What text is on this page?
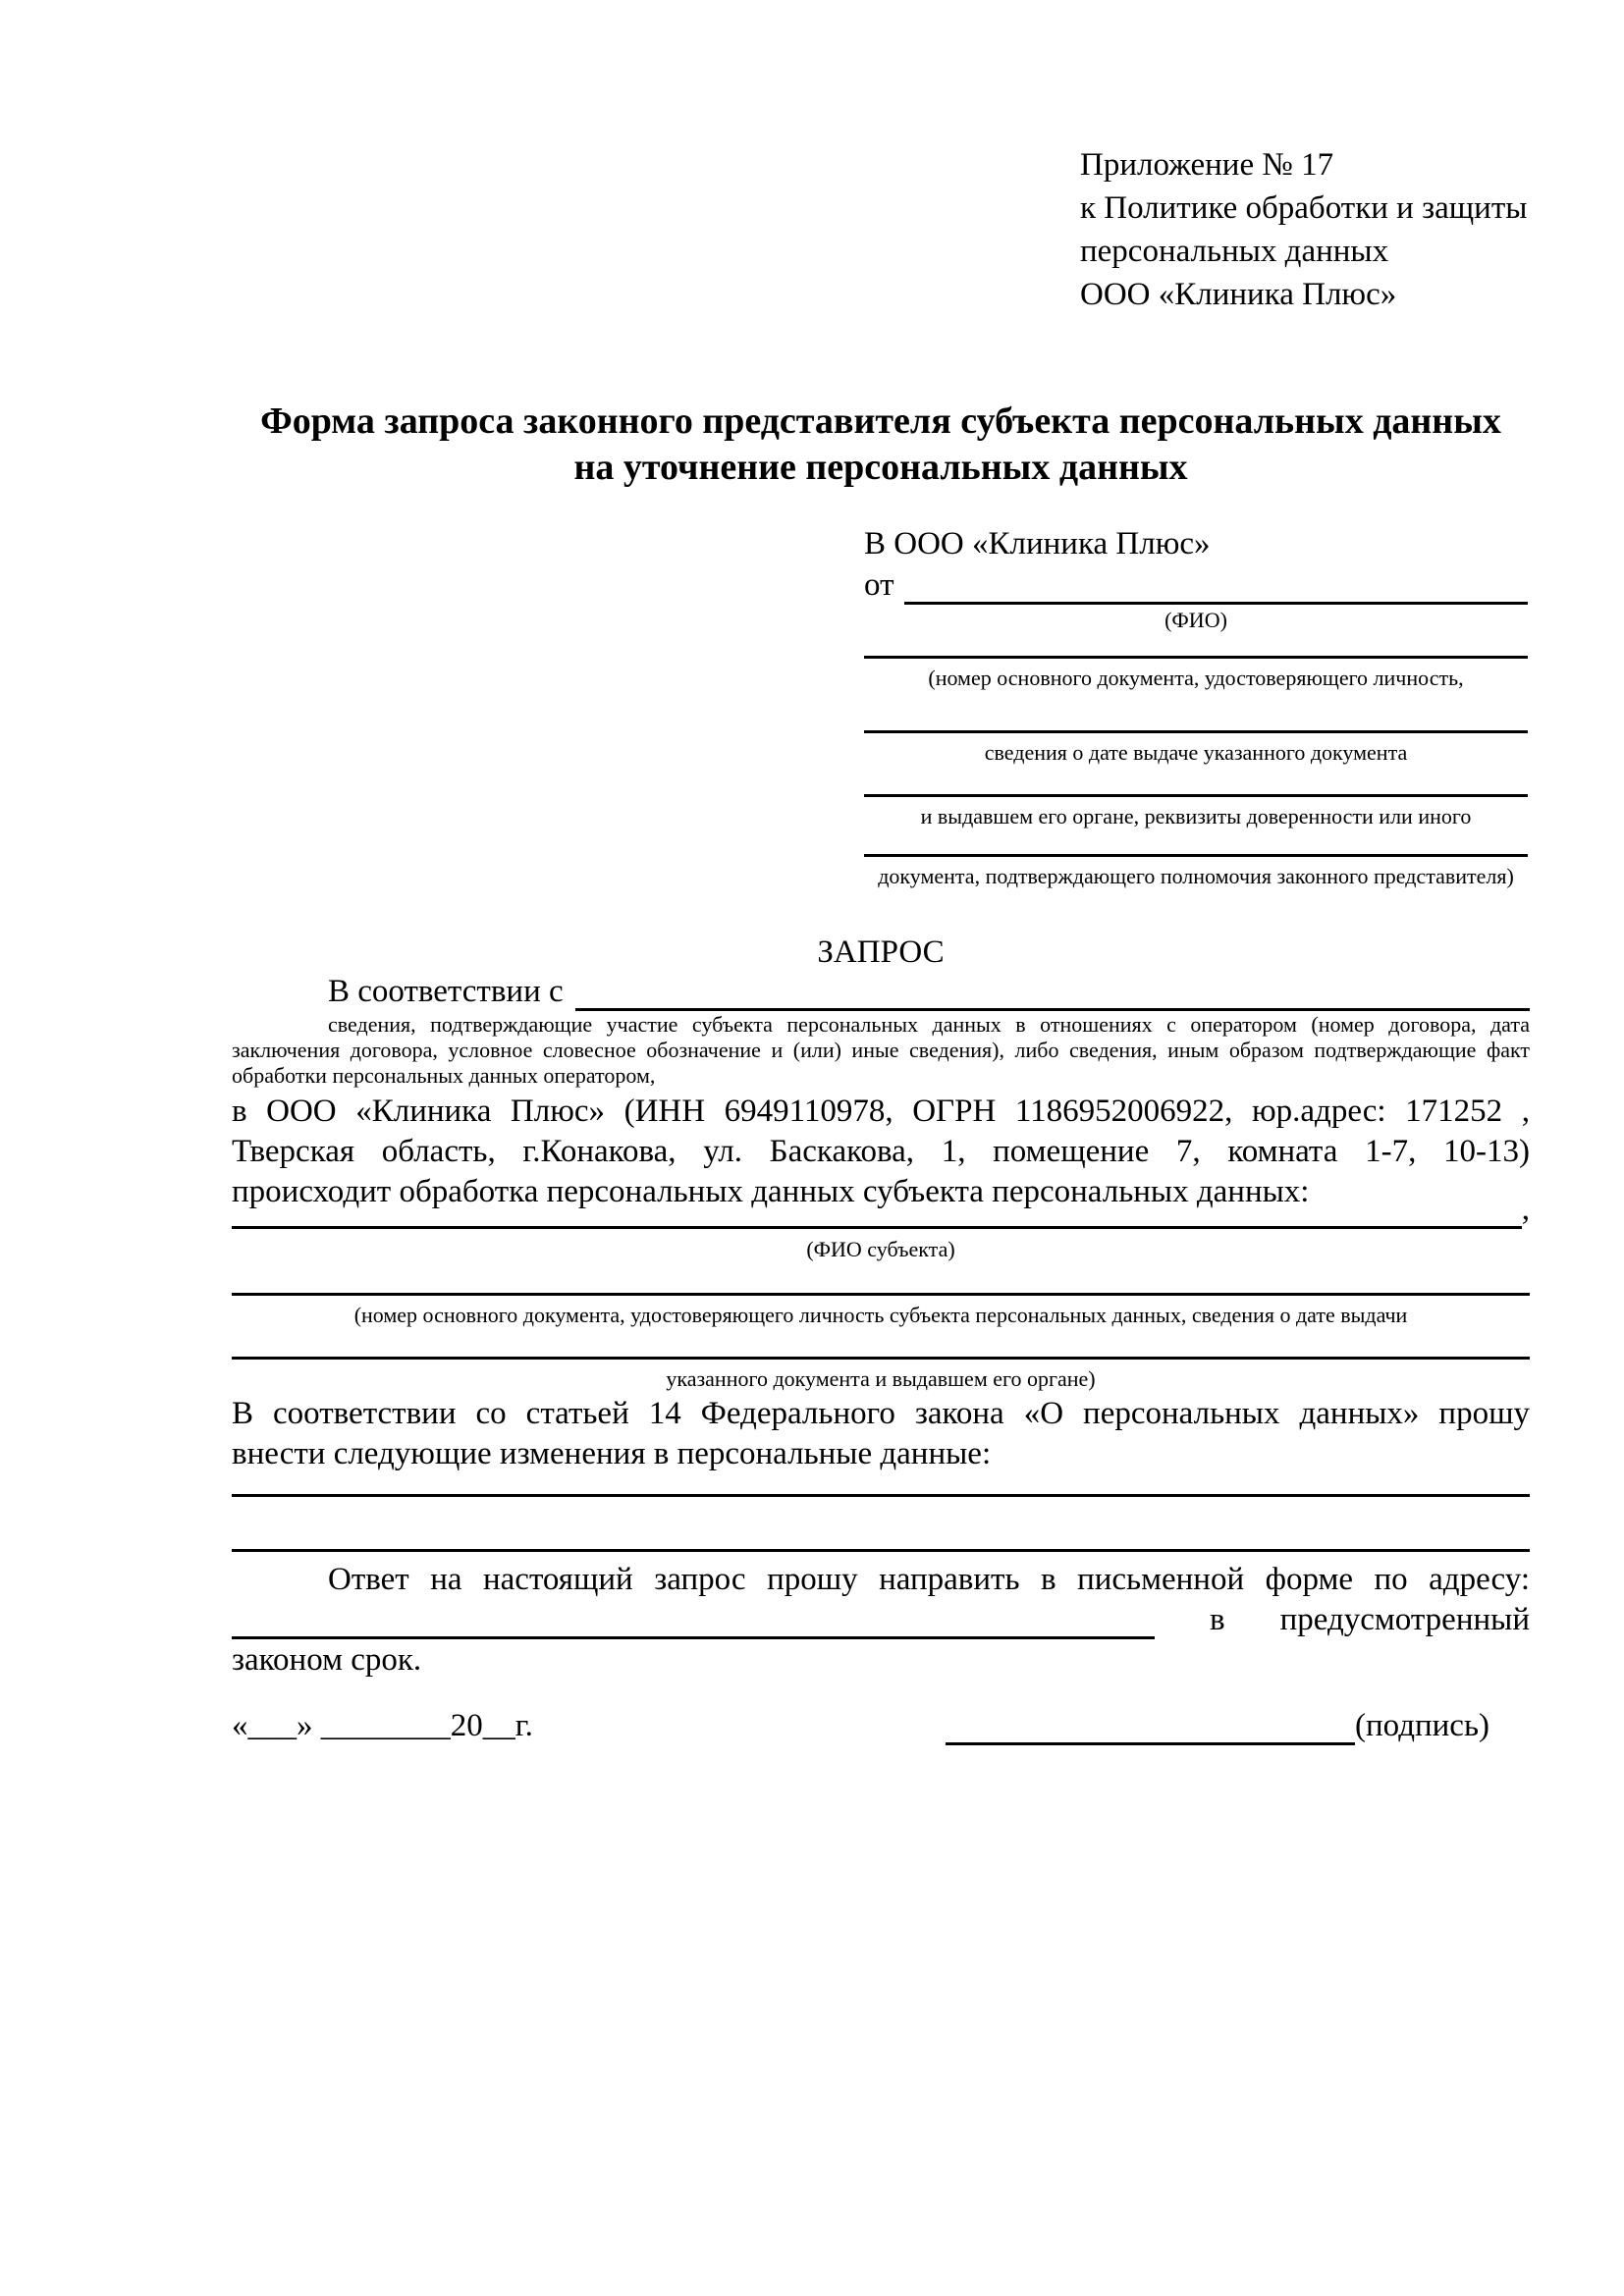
Приложение № 17
к Политике обработки и защиты
персональных данных
ООО «Клиника Плюс»
Форма запроса законного представителя субъекта персональных данных
на уточнение персональных данных
В ООО «Клиника Плюс»
от
(ФИО)
(номер основного документа, удостоверяющего личность,
сведения о дате выдаче указанного документа
и выдавшем его органе, реквизиты доверенности или иного
документа, подтверждающего полномочия законного представителя)
ЗАПРОС
В соответствии с
сведения, подтверждающие участие субъекта персональных данных в отношениях с оператором (номер договора, дата
заключения договора, условное словесное обозначение и (или) иные сведения), либо сведения, иным образом подтверждающие факт
обработки персональных данных оператором,
в ООО «Клиника Плюс» (ИНН 6949110978, ОГРН 1186952006922, юр.адрес: 171252 ,
Тверская область, г.Конакова, ул. Баскакова, 1, помещение 7, комната 1-7, 10-13)
происходит обработка персональных данных субъекта персональных данных:	,
(ФИО субъекта)
(номер основного документа, удостоверяющего личность субъекта персональных данных, сведения о дате выдачи
указанного документа и выдавшем его органе)
В соответствии со статьей 14 Федерального закона «О персональных данных» прошу
внести следующие изменения в персональные данные:
Ответ на настоящий запрос прошу направить в письменной форме по адресу:
в предусмотренный
законом срок.
«___» ________20__г.	(подпись)
